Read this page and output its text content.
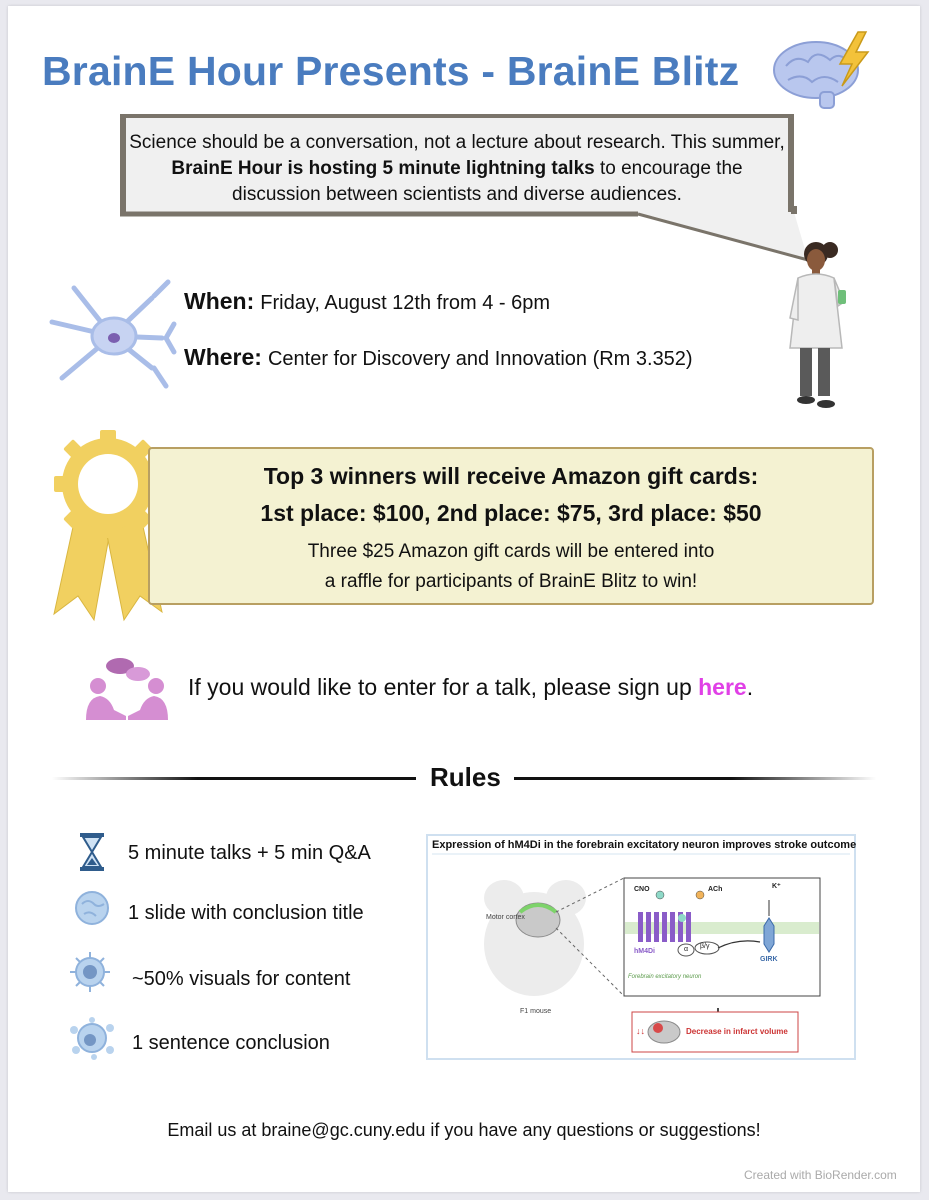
BrainE Hour Presents - BrainE Blitz
Science should be a conversation, not a lecture about research. This summer, BrainE Hour is hosting 5 minute lightning talks to encourage the discussion between scientists and diverse audiences.
When: Friday, August 12th from 4 - 6pm
Where: Center for Discovery and Innovation (Rm 3.352)
Top 3 winners will receive Amazon gift cards:
1st place: $100, 2nd place: $75, 3rd place: $50
Three $25 Amazon gift cards will be entered into a raffle for participants of BrainE Blitz to win!
If you would like to enter for a talk, please sign up here.
Rules
5 minute talks + 5 min Q&A
1 slide with conclusion title
~50% visuals for content
1 sentence conclusion
Expression of hM4Di in the forebrain excitatory neuron improves stroke outcome
Motor cortex
F1 mouse
CNO	ACh	K⁺
hM4Di	α β/γ
GIRK
Forebrain excitatory neuron
↓↓	Decrease in infarct volume
Email us at braine@gc.cuny.edu if you have any questions or suggestions!
Created with BioRender.com
